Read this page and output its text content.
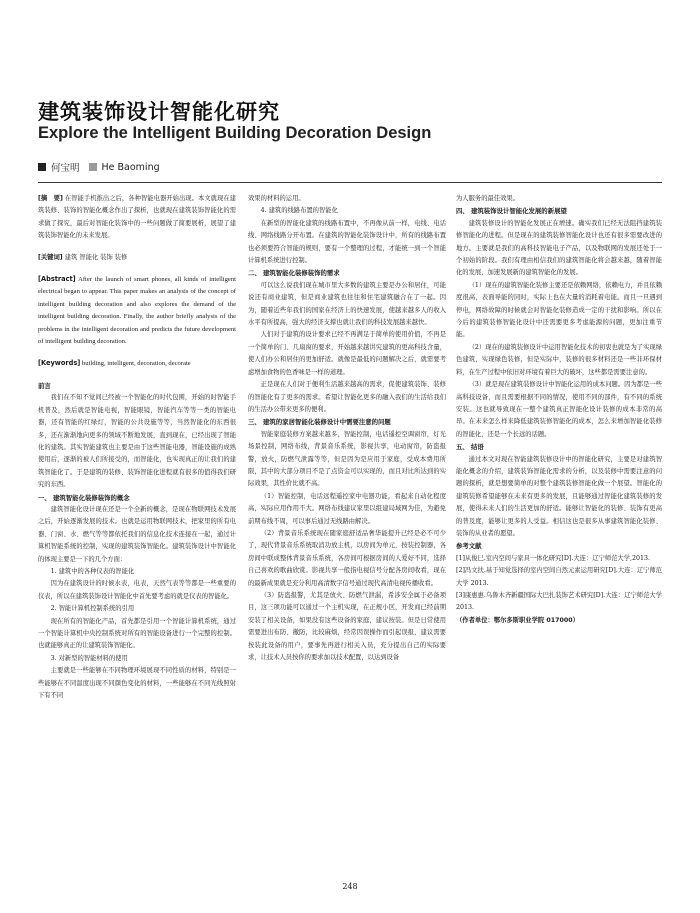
建筑装饰设计智能化研究
Explore the Intelligent Building Decoration Design
何宝明 He Baoming

[摘　要] 在智能手机推出之后，各种智能电器开始出现。本文就现在建筑装修、装饰的智能化概念作出了探析，也就现在建筑装饰智能化的需求做了探究，最后对智能化装饰中的一些问题做了简要展析，展望了建筑装饰智能化的未来发展。

[关键词] 建筑 智能化 装饰 装修

[Abstract] After the launch of smart phones, all kinds of intelligent electrical began to appear. This paper makes an analysis of the concept of intelligent building decoration and also explores the demand of the intelligent building decoration. Finally, the author briefly analysis of the problems in the intelligent decoration and predicts the future development of intelligent building decoration.

[Keywords] building, intelligent, decoration, decorate

前言

我们在不知不觉间已经被一个智能化的时代包围，开始的时智能手机普及，然后就是智能电视，智能眼镜，智能汽车等等一类的智能电器，还有智能的红绿灯，智能的公共设施等等，当然智能化的东西很多，还在渐渐地向更多的领域不断地发展，直到现在，已经出现了智能化的建筑。其实智能建筑也主要是由于这些智能电器，智能设施的成熟使用后，逐渐的被人们所接受的，而智能化，也实现真正的让我们的建筑智能化了。于是建筑的装修、装饰智能化进程就有很多的值得我们研究的东西。

一、 建筑智能化装修装饰的概念

建筑智能化设计现在还是一个全新的概念，是现在物联网技术发展之后，开始逐渐发展的技术。也就是运用物联网技术，把家里的所有电器、门窗、水、燃气等等都依托我们的信息化技术连接在一起，通过计算机智能系统的控制，实现的建筑装饰智能化。建筑装饰设计中智能化的体现主要是一下的几个方面：

1. 建筑中的各种仪表的智能化

因为在建筑设计的时候水表，电表，天然气表等等都是一些重要的仪表，所以在建筑装饰设计智能化中首先要考虑的就是仪表的智能化。

2. 智能计算机控制系统的引用

现在所有的智能化产品，首先都是引用一个智能计算机系统，通过一个智能计算机中央控制系统对所有的智能设备进行一个完整的控制。也就能够真正的让建筑装饰智能化。

3. 对新型的智能材料的使用

主要就是一些能够在不同物理环境展现不同性质的材料，特别是一些能够在不同温度出现不同颜色变化的材料，一些能够在不同光线照射下有不同

效果的材料的运用。

4. 建筑的线路布置的智能化

在新型的智能化建筑的线路布置中，不再像从前一样，电线、电话线、网络线路分开布置。在建筑的智能化装饰设计中，所有的线路布置也必须要符合智能的规则，要有一个整理的过程，才能统一到一个智能计算机系统进行控制。

二、 建筑智能化装修装饰的需求

可以这么说我们现在城市里大多数的建筑主要是办公和居住，可能说还有商业建筑，但是商业建筑也往往和住宅建筑融合在了一起。因为，随着近些年我们的国家在经济上的快速发展，使越来越多人的收入水平有所提高，强大的经济支撑也就让我们的科技发展越来越快。

人们对于建筑的设计要求已经不再满足于简单的使用价值，不再是一个简单的门、几扇窗的要求，开始越来越讲究建筑的更高科技含量，使人们办公和居住的更加舒适。就像是最低的问题解决之后，就需要考虑增加食物的色香味是一样的道理。

正是现在人们对于便利生活越来越高的需求，促使建筑装饰、装修的智能化有了更多的需求。希望让智能化更多的融入我们的生活给我们的生活办公带来更多的便利。

三、 建筑的家居智能化装修设计中需要注意的问题

智能家庭装修方案越来越多，智能控制，电话遥控空调窗帘，灯光场景控制，网络布线，背景音乐系统，影视共享，电动窗帘，防盗报警，放火，防燃气泄露等等，但是因为是应用于家庭，受成本费用所限，其中的大部分项目不是了点资金可以实现的，而且对比所达到的实际效果，其性价比就不高。

（1）智能控制，电话远程遥控家中电器功能，看起来自动化程度高，实际应用作用不大。网络布线建议家里以组建局域网为佳，为避免前期布线不周，可以事后通过无线路由解决。

（2）背景音乐系统现在随家庭舒适品奢华能提升已经是必不可少了，现代背景音乐系统取消功放主机，以房间为单元，按装控制器，各房间中联成整体背景音乐系统，各房间可根据房间的人爱好不同，选择自己喜欢的歌曲欣赏。影视共享一般指电视信号分配各房间收看，现在的最新成果就是充分利用高清数字信号通过现代高清电视传播收看。

（3）防盗报警，尤其是放火、防燃气泄漏，希涉安全属于必备项目，这三项功能可以通过一个主机实现，在正规小区，开发商已经前期安装了相关设备，如果没有这些设备的家庭，建议按装。但是日常使用需要进出布防、撤防，比较麻烦，经常因误操作而引起误报，建议需要按装此设备的用户，要事先再进行相关入员，充分提出自己的实际要求，让技术人员按你的要求加以技术配置，以达到设备

为人服务的最佳效果。

四、 建筑装饰设计智能化发展的新展望

建筑装修设计的智能化发展正在增速。确实我们已经无法阻挡建筑装修智能化的进程。但是现在的建筑装修智能化设计也还有很多需要改进的地方。主要就是我们的高科技智能电子产品，以及物联网的发展还处于一个初始的阶段。我们有理由相信我们的建筑智能化将会越来越，随着智能化的发展，加速发展新的建筑智能化的发展。

（1）现在的建筑智能化装修主要还是依赖网络，依赖电力，并且依赖度很高，表面导能的同时，实际上也在大量的消耗着电能。而且一旦遇到停电，网络故障的时候就会对智能化装修造成一定的干扰和影响。所以在今后的建筑装修智能化设计中还需要更多考虑能源的问题，更加注重节能。

（2）现在的建筑装修设计中运用智能化技术的初衷也就是为了实现绿色建筑，实现绿色装修，但是实际中，装修的很多材料还是一些非环保材料，在生产过程中依旧对环境有着巨大的破坏，这些都是需要注意的。

（3）就是现在建筑装修设计中智能化运用的成本问题。因为都是一些高科技设备，而且需要根据不同的情况，使用不同的部件，有不同的系统安装。这也就导致现在一整个建筑真正智能化设计装修的成本非常的高昂。在未来怎么样来降低建筑装修智能化的成本，怎么来增加智能化装修的智能化，还是一个长远的话题。

五、 结语

通过本文对现在智能建筑装修设计中的智能化研究，主要是对建筑智能化概念的介绍，建筑装饰智能化需求的分析，以及装修中需要注意的问题的探析，就是想要简单的对整个建筑装修智能化做一个展望。智能化的建筑装修希望能够在未来有更多的发展，且能够通过智能化建筑装修的发展，使得未来人们的生活更加的舒适。能够让智能化的装修、装饰有更高的普及度，能够让更多的人受益。相信这也是很多从事建筑智能化装修、装饰的从业者的愿望。

参考文献

[1]从俊巳.室内空间与家具一体化研究[D].大连：辽宁师范大学,2013.

[2]冯文扶.基于知觉选择的室内空间自然元素运用研究[D].大连：辽宁师范大学 2013.

[3]康惠惠.乌鲁木齐新疆国际大巴扎装饰艺术研究[D].大连：辽宁师范大学 2013.

（作者单位：鄂尔多斯职业学院 017000）

248
